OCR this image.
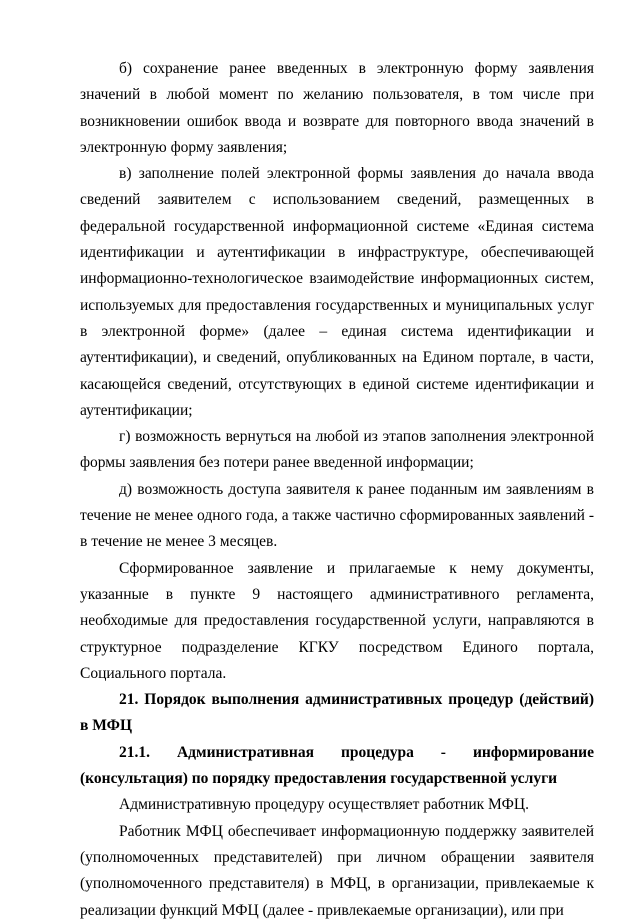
б) сохранение ранее введенных в электронную форму заявления значений в любой момент по желанию пользователя, в том числе при возникновении ошибок ввода и возврате для повторного ввода значений в электронную форму заявления;

в) заполнение полей электронной формы заявления до начала ввода сведений заявителем с использованием сведений, размещенных в федеральной государственной информационной системе «Единая система идентификации и аутентификации в инфраструктуре, обеспечивающей информационно-технологическое взаимодействие информационных систем, используемых для предоставления государственных и муниципальных услуг в электронной форме» (далее – единая система идентификации и аутентификации), и сведений, опубликованных на Едином портале, в части, касающейся сведений, отсутствующих в единой системе идентификации и аутентификации;

г) возможность вернуться на любой из этапов заполнения электронной формы заявления без потери ранее введенной информации;

д) возможность доступа заявителя к ранее поданным им заявлениям в течение не менее одного года, а также частично сформированных заявлений - в течение не менее 3 месяцев.

Сформированное заявление и прилагаемые к нему документы, указанные в пункте 9 настоящего административного регламента, необходимые для предоставления государственной услуги, направляются в структурное подразделение КГКУ посредством Единого портала, Социального портала.

21. Порядок выполнения административных процедур (действий) в МФЦ

21.1. Административная процедура - информирование (консультация) по порядку предоставления государственной услуги

Административную процедуру осуществляет работник МФЦ.

Работник МФЦ обеспечивает информационную поддержку заявителей (уполномоченных представителей) при личном обращении заявителя (уполномоченного представителя) в МФЦ, в организации, привлекаемые к реализации функций МФЦ (далее - привлекаемые организации), или при
